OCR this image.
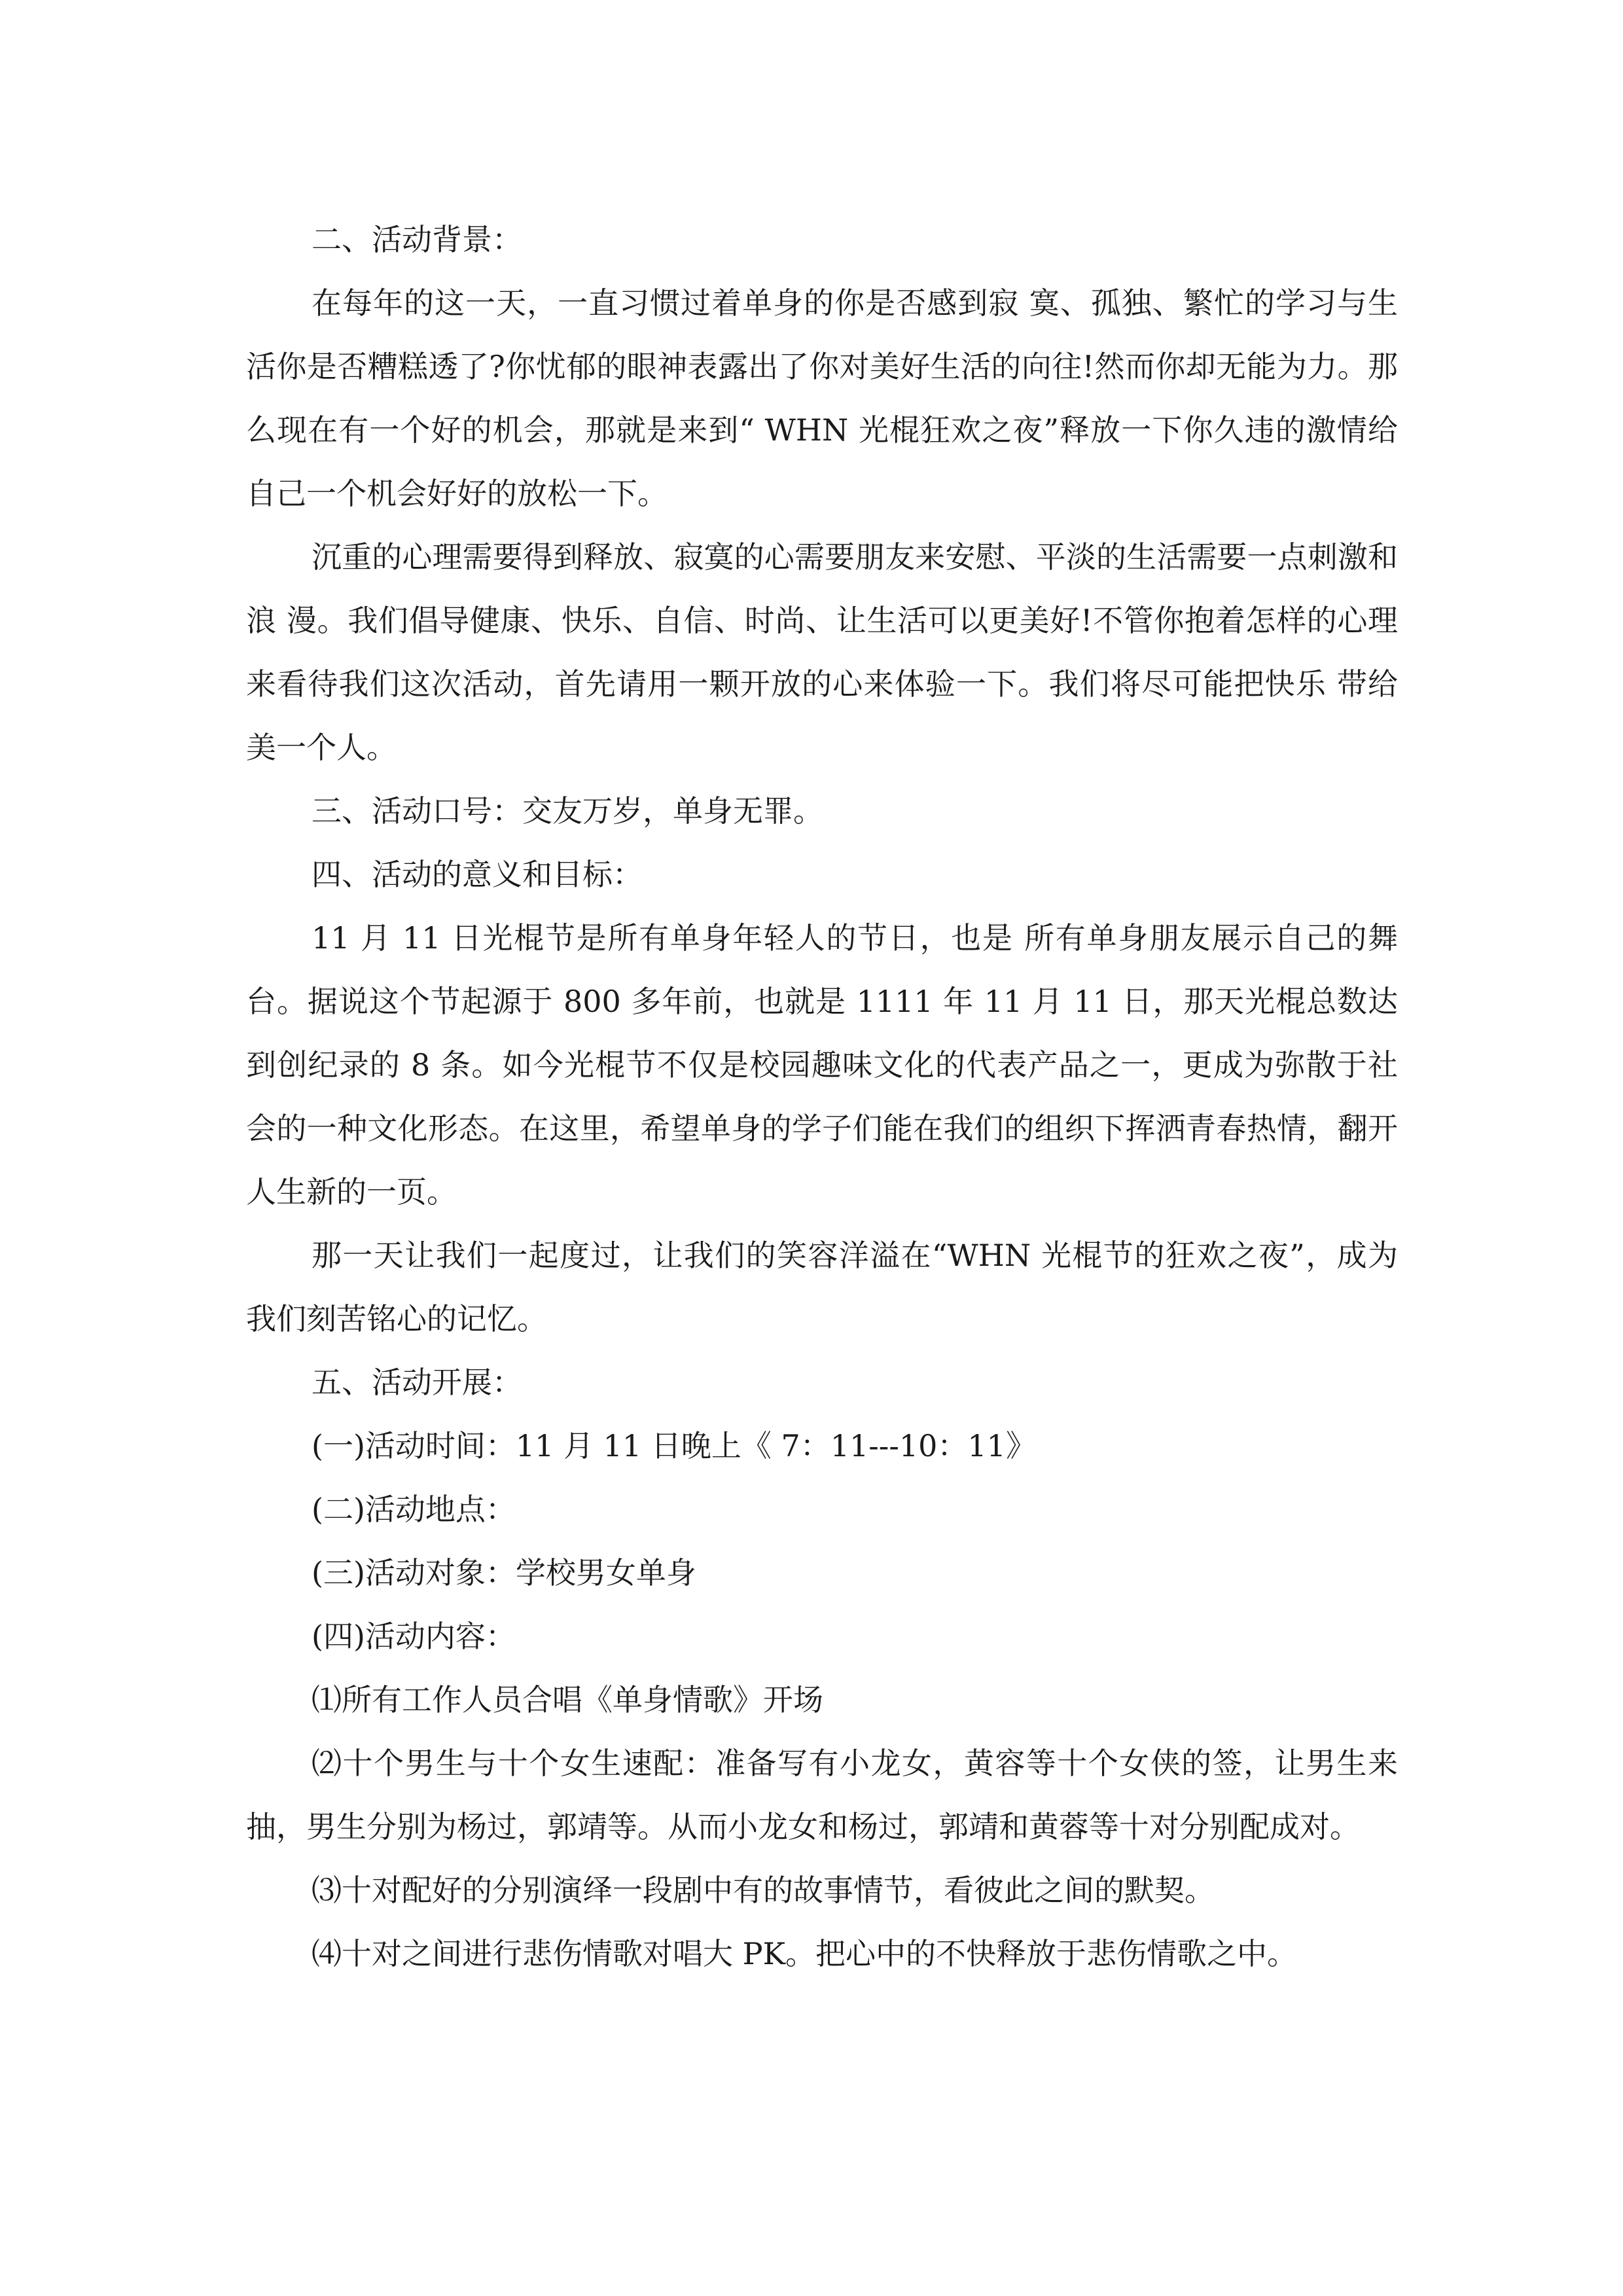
二、活动背景：

在每年的这一天，一直习惯过着单身的你是否感到寂 寞、孤独、繁忙的学习与生活你是否糟糕透了?你忧郁的眼神表露出了你对美好生活的向往!然而你却无能为力。那么现在有一个好的机会，那就是来到“ WHN 光棍狂欢之夜”释放一下你久违的激情给自己一个机会好好的放松一下。

沉重的心理需要得到释放、寂寞的心需要朋友来安慰、平淡的生活需要一点刺激和浪 漫。我们倡导健康、快乐、自信、时尚、让生活可以更美好!不管你抱着怎样的心理来看待我们这次活动，首先请用一颗开放的心来体验一下。我们将尽可能把快乐 带给美一个人。

三、活动口号：交友万岁，单身无罪。

四、活动的意义和目标：

11 月 11 日光棍节是所有单身年轻人的节日，也是 所有单身朋友展示自己的舞台。据说这个节起源于 800 多年前，也就是 1111 年 11 月 11 日，那天光棍总数达到创纪录的 8 条。如今光棍节不仅是校园趣味文化的代表产品之一，更成为弥散于社会的一种文化形态。在这里，希望单身的学子们能在我们的组织下挥洒青春热情，翻开人生新的一页。

那一天让我们一起度过，让我们的笑容洋溢在“WHN 光棍节的狂欢之夜”，成为我们刻苦铭心的记忆。

五、活动开展：

(一)活动时间：11 月 11 日晚上《 7：11---10：11》

(二)活动地点：

(三)活动对象：学校男女单身

(四)活动内容：

⑴所有工作人员合唱《单身情歌》开场

⑵十个男生与十个女生速配：准备写有小龙女，黄容等十个女侠的签，让男生来抽，男生分别为杨过，郭靖等。从而小龙女和杨过，郭靖和黄蓉等十对分别配成对。

⑶十对配好的分别演绎一段剧中有的故事情节，看彼此之间的默契。

⑷十对之间进行悲伤情歌对唱大 PK。把心中的不快释放于悲伤情歌之中。
